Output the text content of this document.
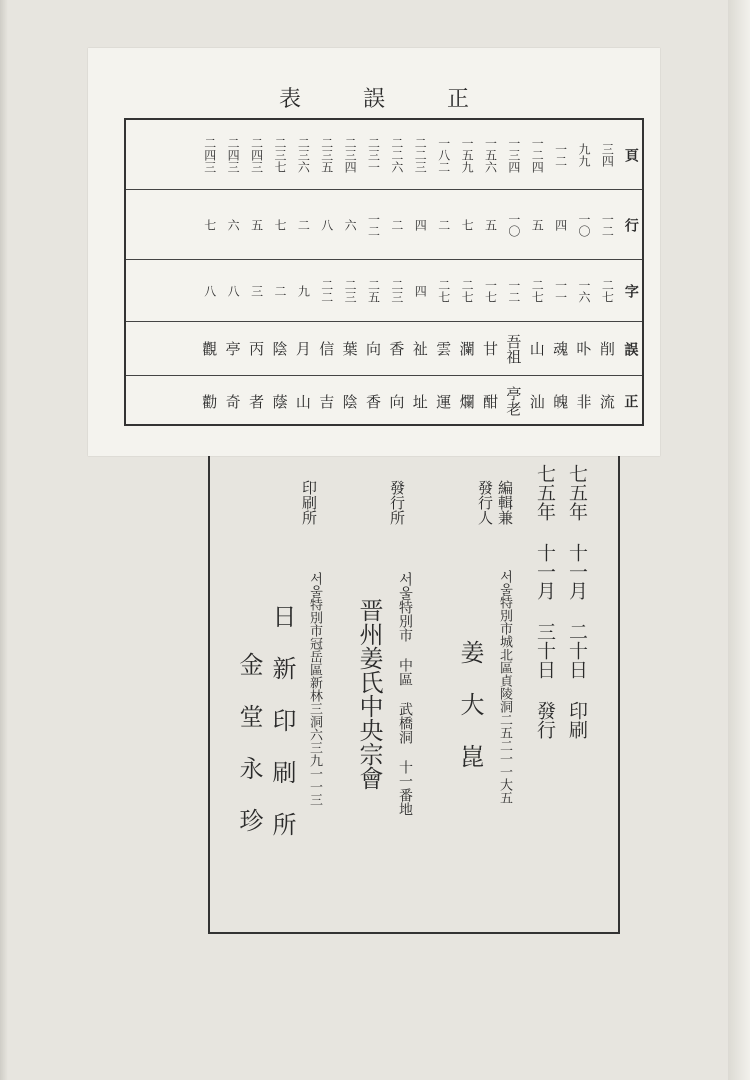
正
誤
表
頁
三四
九九
一二
一二四
一三四
一五六
一五九
一八二
二二三
二二六
二三一
二三四
二三五
二三六
二三七
二四三
二四三
二四三
行
一二
一〇
四
五
一〇
五
七
二
四
二
一二
六
八
二
七
五
六
七
字
二七
一六
一一
二七
一二
一七
二七
二七
四
二三
二五
二三
二二
九
二
三
八
八
誤
削
卟
魂
山
吾祖
甘
瀾
雲
祉
香
向
葉
信
月
陰
丙
亭
觀
正
流
非
魄
汕
亭老
酣
爛
運
址
向
香
陰
吉
山
蔭
者
奇
勸
七五年 十一月 二十日 印刷
七五年 十一月 三十日 發行
編輯兼
發行人
서울特別市城北區貞陵洞二五二一一大五
姜 大 崑
發行所
서울特別市 中區 武橋洞 十一番地
晋州姜氏中央宗會
印刷所
서울特別市冠岳區新林三洞六三九一一三
日 新 印 刷 所
金 堂 永 珍
